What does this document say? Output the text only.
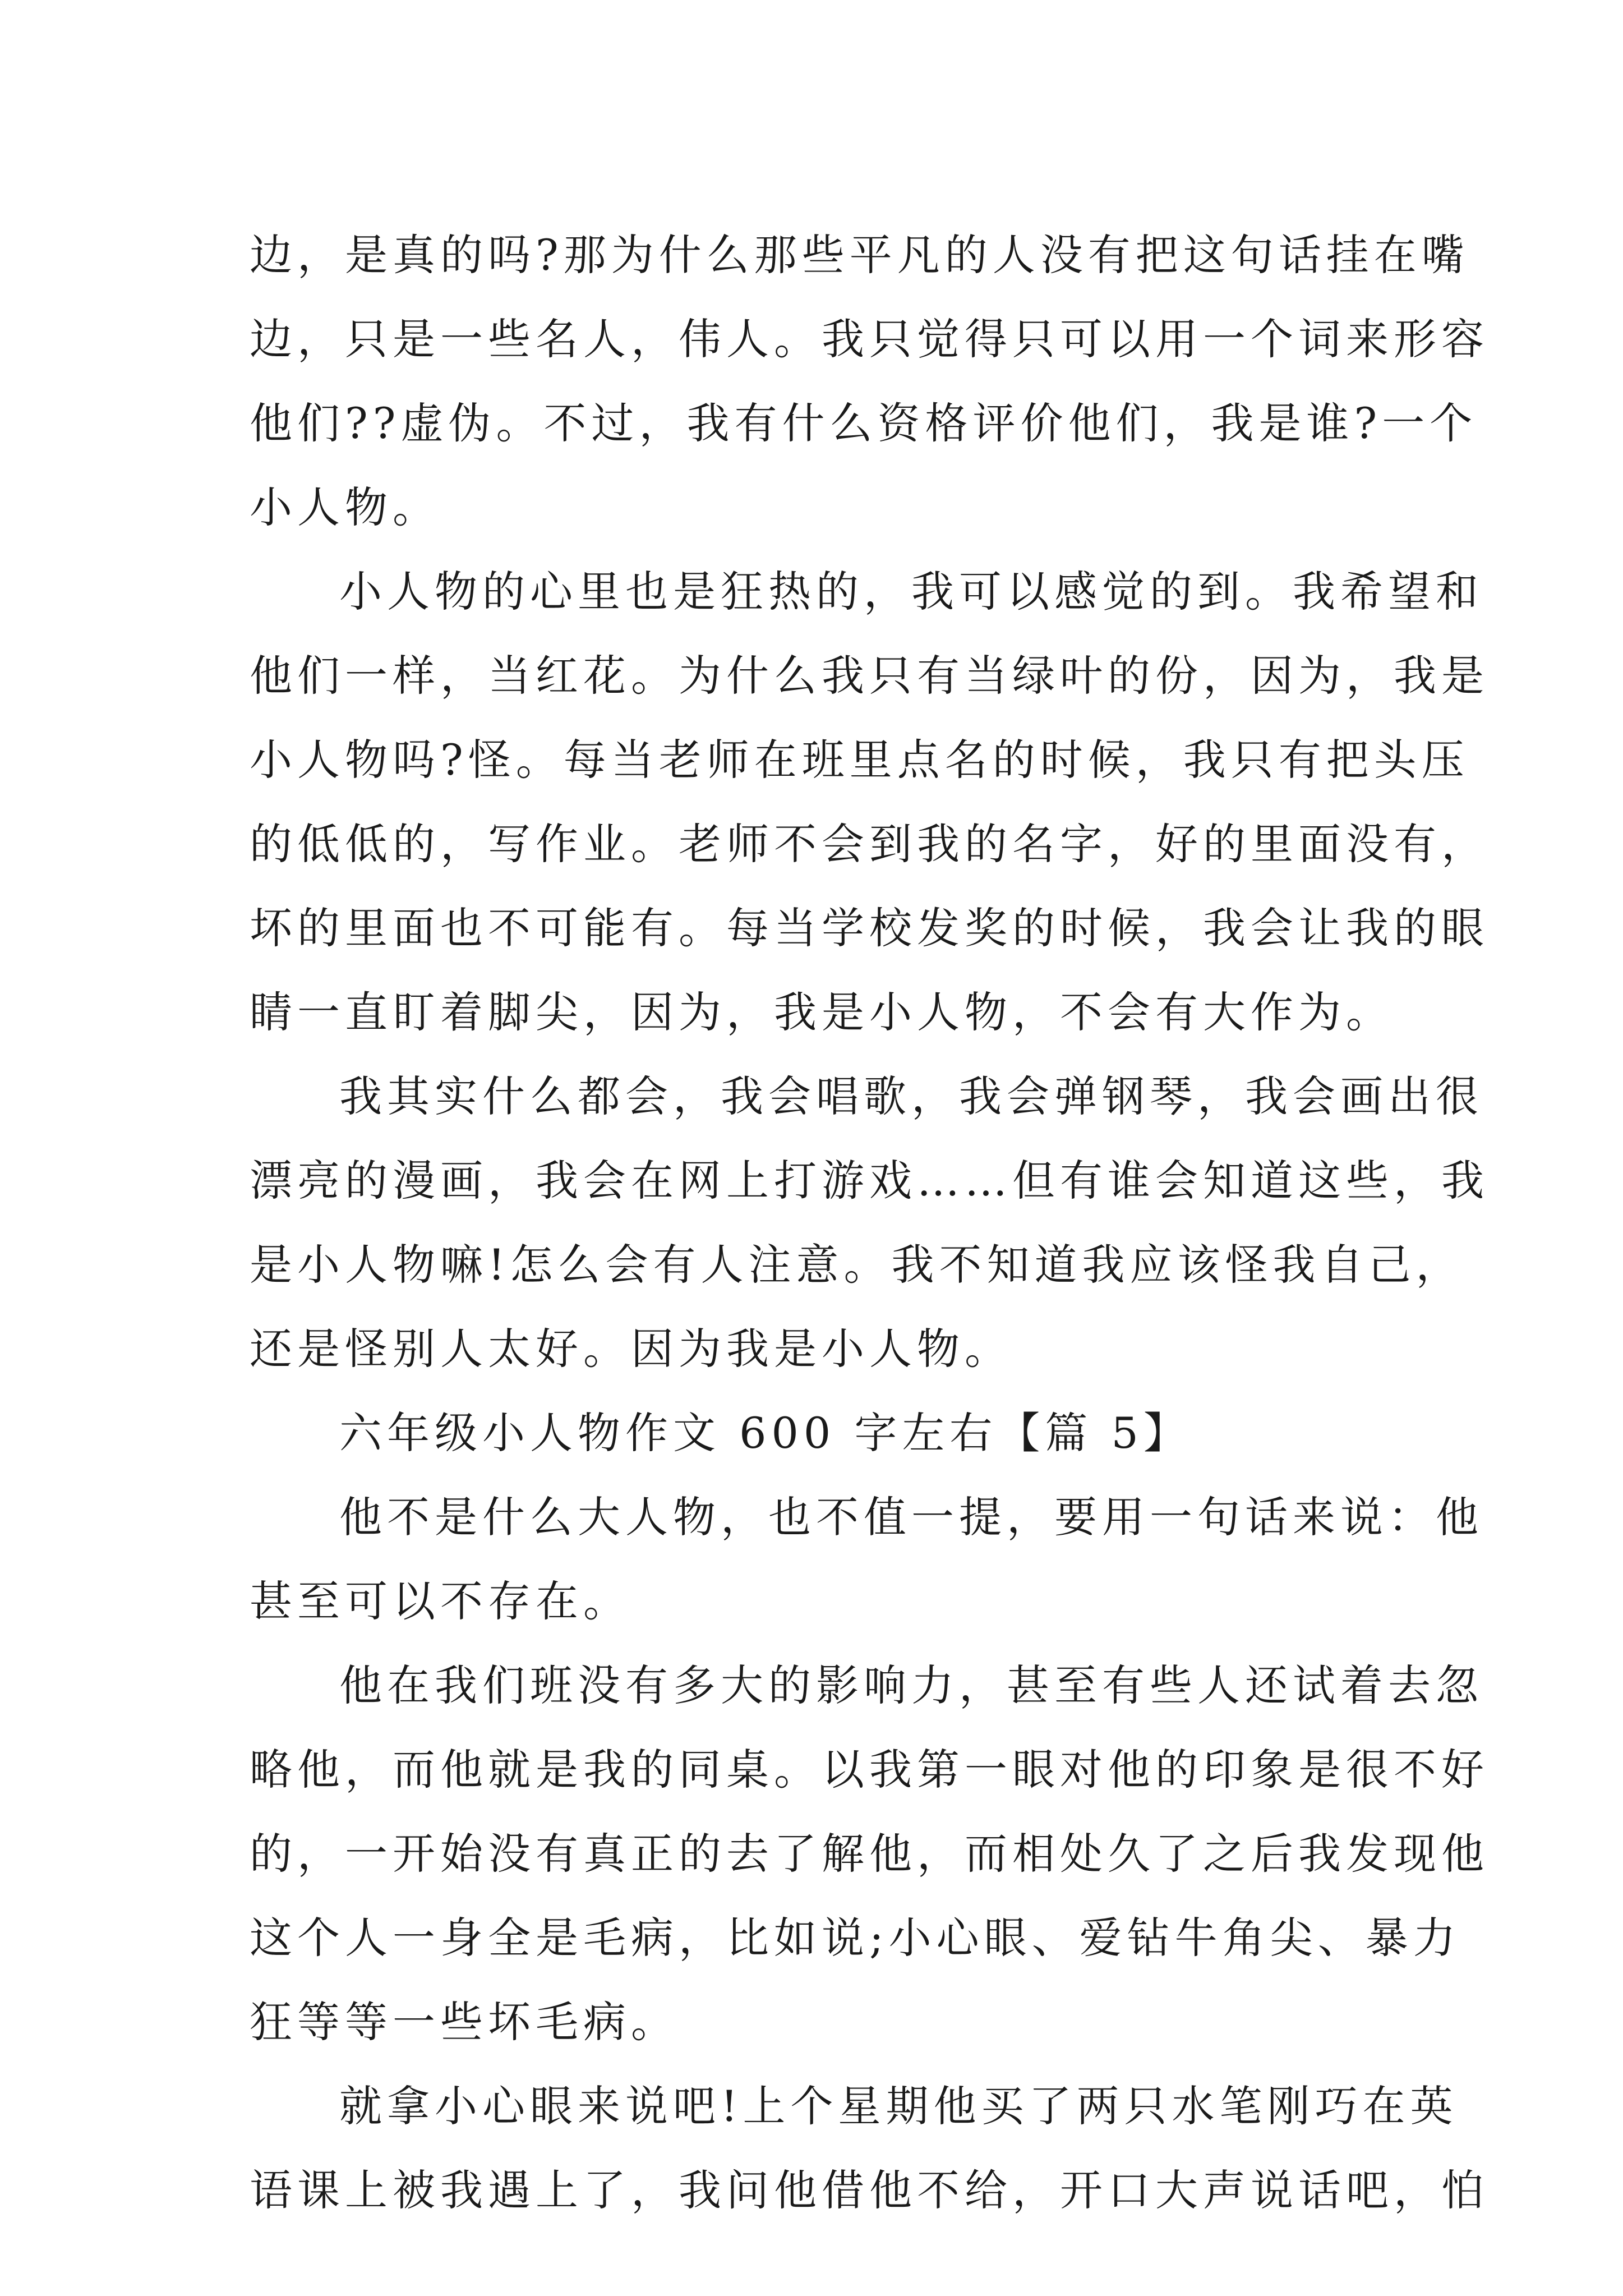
边，是真的吗?那为什么那些平凡的人没有把这句话挂在嘴
边，只是一些名人，伟人。我只觉得只可以用一个词来形容
他们??虚伪。不过，我有什么资格评价他们，我是谁?一个
小人物。
小人物的心里也是狂热的，我可以感觉的到。我希望和
他们一样，当红花。为什么我只有当绿叶的份，因为，我是
小人物吗?怪。每当老师在班里点名的时候，我只有把头压
的低低的，写作业。老师不会到我的名字，好的里面没有，
坏的里面也不可能有。每当学校发奖的时候，我会让我的眼
睛一直盯着脚尖，因为，我是小人物，不会有大作为。
我其实什么都会，我会唱歌，我会弹钢琴，我会画出很
漂亮的漫画，我会在网上打游戏……但有谁会知道这些，我
是小人物嘛!怎么会有人注意。我不知道我应该怪我自己，
还是怪别人太好。因为我是小人物。
六年级小人物作文 600 字左右【篇 5】
他不是什么大人物，也不值一提，要用一句话来说：他
甚至可以不存在。
他在我们班没有多大的影响力，甚至有些人还试着去忽
略他，而他就是我的同桌。以我第一眼对他的印象是很不好
的，一开始没有真正的去了解他，而相处久了之后我发现他
这个人一身全是毛病，比如说;小心眼、爱钻牛角尖、暴力
狂等等一些坏毛病。
就拿小心眼来说吧!上个星期他买了两只水笔刚巧在英
语课上被我遇上了，我问他借他不给，开口大声说话吧，怕
